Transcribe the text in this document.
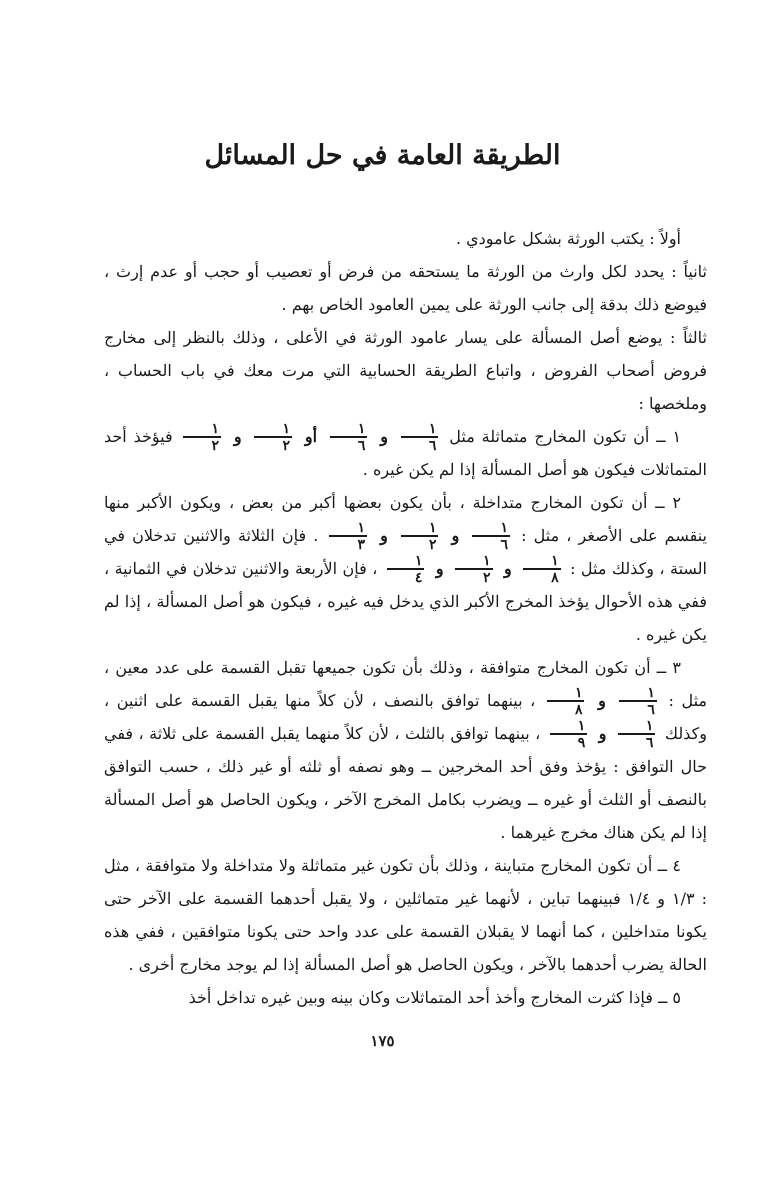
الطريقة العامة في حل المسائل

أولاً : يكتب الورثة بشكل عامودي .

ثانياً : يحدد لكل وارث من الورثة ما يستحقه من فرض أو تعصيب أو حجب أو عدم إرث ، فيوضع ذلك بدقة إلى جانب الورثة على يمين العامود الخاص بهم .

ثالثاً : يوضع أصل المسألة على يسار عامود الورثة في الأعلى ، وذلك بالنظر إلى مخارج فروض أصحاب الفروض ، واتباع الطريقة الحسابية التي مرت معك في باب الحساب ، وملخصها :

١ ــ أن تكون المخارج متماثلة مثل
$\frac{١}{٦}$
و
$\frac{١}{٦}$
أو
$\frac{١}{٢}$
و
$\frac{١}{٢}$
فيؤخذ أحد المتماثلات فيكون هو أصل المسألة إذا لم يكن غيره .

٢ ــ أن تكون المخارج متداخلة ، بأن يكون بعضها أكبر من بعض ، ويكون الأكبر منها ينقسم على الأصغر ، مثل :
$\frac{١}{٦}$
و
$\frac{١}{٢}$
و
$\frac{١}{٣}$
. فإن الثلاثة والاثنين تدخلان في الستة ، وكذلك مثل :
$\frac{١}{٨}$
و
$\frac{١}{٢}$
و
$\frac{١}{٤}$
، فإن الأربعة والاثنين تدخلان في الثمانية ، ففي هذه الأحوال يؤخذ المخرج الأكبر الذي يدخل فيه غيره ، فيكون هو أصل المسألة ، إذا لم يكن غيره .

٣ ــ أن تكون المخارج متوافقة ، وذلك بأن تكون جميعها تقبل القسمة على عدد معين ، مثل :
$\frac{١}{٦}$
و
$\frac{١}{٨}$
، بينهما توافق بالنصف ، لأن كلاً منها يقبل القسمة على اثنين ، وكذلك
$\frac{١}{٦}$
و
$\frac{١}{٩}$
، بينهما توافق بالثلث ، لأن كلاً منهما يقبل القسمة على ثلاثة ، ففي حال التوافق : يؤخذ وفق أحد المخرجين ــ وهو نصفه أو ثلثه أو غير ذلك ، حسب التوافق بالنصف أو الثلث أو غيره ــ ويضرب بكامل المخرج الآخر ، ويكون الحاصل هو أصل المسألة إذا لم يكن هناك مخرج غيرهما .

٤ ــ أن تكون المخارج متباينة ، وذلك بأن تكون غير متماثلة ولا متداخلة ولا متوافقة ، مثل : ١/٣ و ١/٤ فبينهما تباين ، لأنهما غير متماثلين ، ولا يقبل أحدهما القسمة على الآخر حتى يكونا متداخلين ، كما أنهما لا يقبلان القسمة على عدد واحد حتى يكونا متوافقين ، ففي هذه الحالة يضرب أحدهما بالآخر ، ويكون الحاصل هو أصل المسألة إذا لم يوجد مخارج أخرى .

٥ ــ فإذا كثرت المخارج وأخذ أحد المتماثلات وكان بينه وبين غيره تداخل أخذ

١٧٥
